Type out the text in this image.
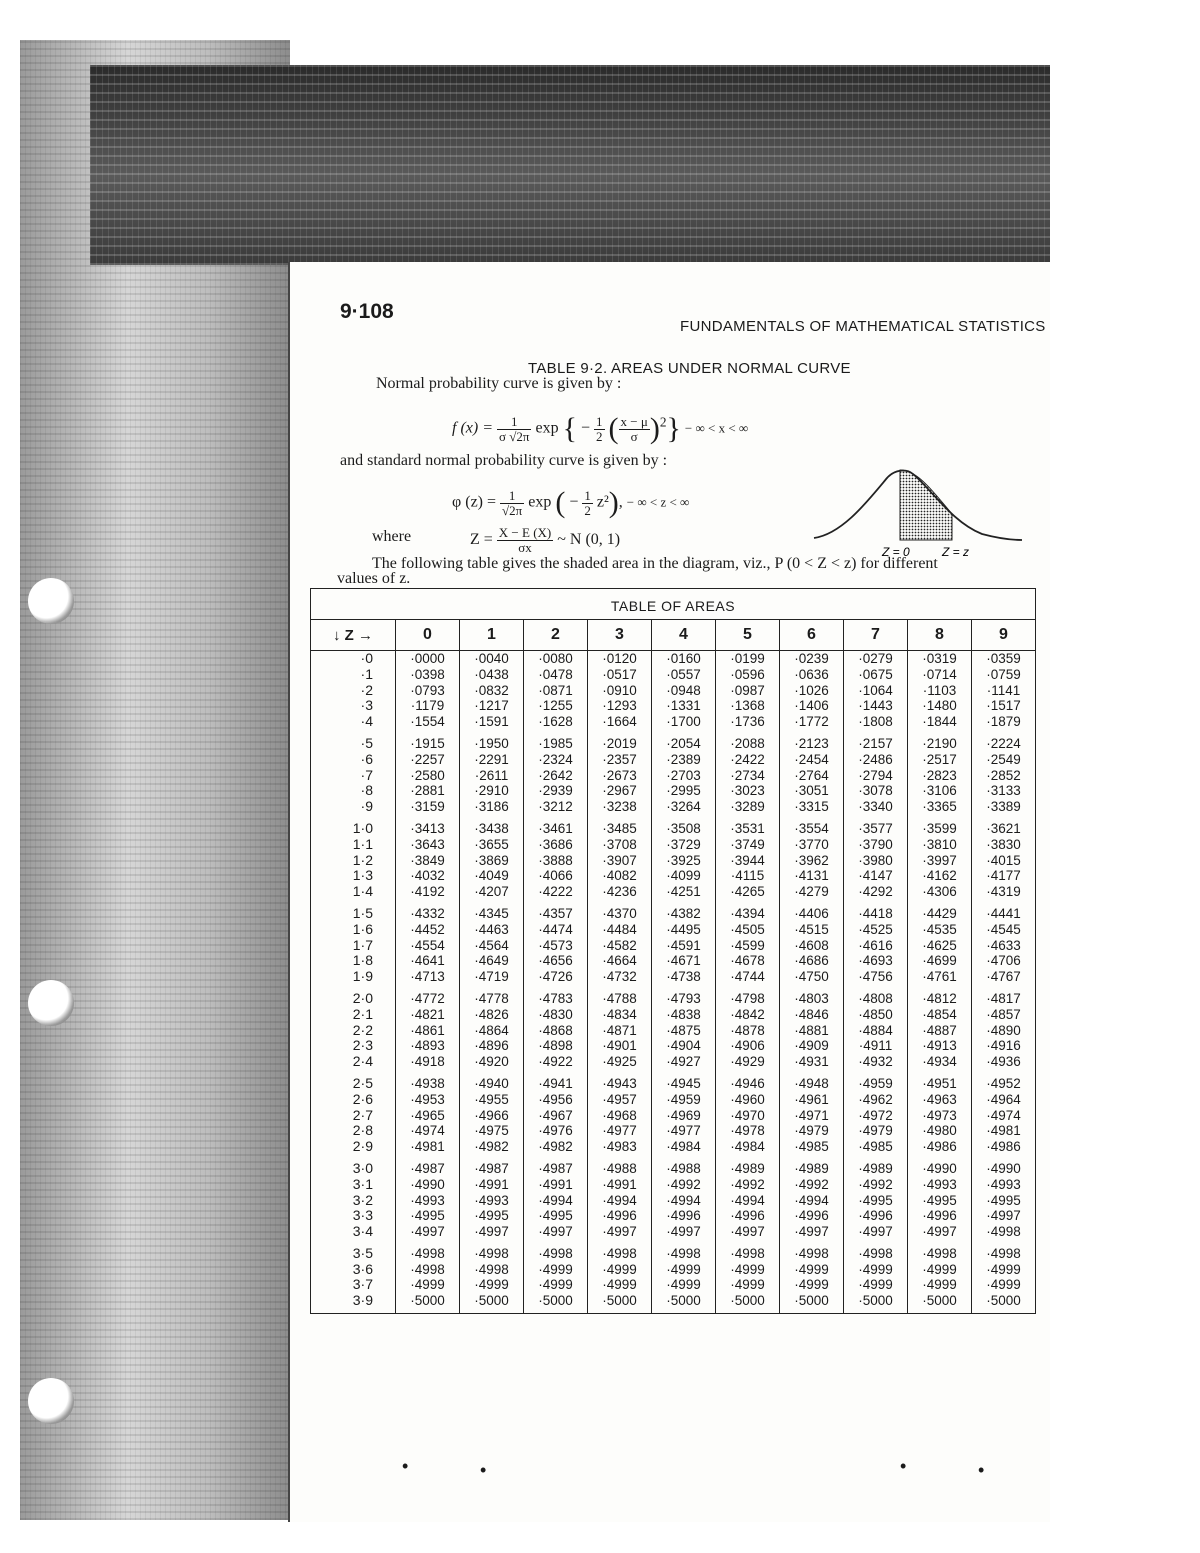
9·108
FUNDAMENTALS OF MATHEMATICAL STATISTICS
TABLE 9·2. AREAS UNDER NORMAL CURVE
Normal probability curve is given by :
f $(x) = \frac{1}{\sigma √2\pi}$ exp { − $\frac{1}{2}$ ( $\frac{x - \mu}{\sigma} )^2$} − ∞ < x < ∞
and standard normal probability curve is given by :
φ $(z) = \frac{1}{√2\pi}$ exp ( − $\frac{1}{2} z^2$), − ∞ < z < ∞
where	$Z = \frac{X - E (X)}{\sigma x}$ ~ N (0, 1)
Z = 0	Z = z
The following table gives the shaded area in the diagram, viz., P (0 < Z < z) for different
values of z.
TABLE OF AREAS
↓ Z →	0	1	2	3	4	5	6	7	8	9
·0	·0000	·0040	·0080	·0120	·0160	·0199	·0239	·0279	·0319	·0359
·1	·0398	·0438	·0478	·0517	·0557	·0596	·0636	·0675	·0714	·0759
·2	·0793	·0832	·0871	·0910	·0948	·0987	·1026	·1064	·1103	·1141
·3	·1179	·1217	·1255	·1293	·1331	·1368	·1406	·1443	·1480	·1517
·4	·1554	·1591	·1628	·1664	·1700	·1736	·1772	·1808	·1844	·1879
·5	·1915	·1950	·1985	·2019	·2054	·2088	·2123	·2157	·2190	·2224
·6	·2257	·2291	·2324	·2357	·2389	·2422	·2454	·2486	·2517	·2549
·7	·2580	·2611	·2642	·2673	·2703	·2734	·2764	·2794	·2823	·2852
·8	·2881	·2910	·2939	·2967	·2995	·3023	·3051	·3078	·3106	·3133
·9	·3159	·3186	·3212	·3238	·3264	·3289	·3315	·3340	·3365	·3389
1·0	·3413	·3438	·3461	·3485	·3508	·3531	·3554	·3577	·3599	·3621
1·1	·3643	·3655	·3686	·3708	·3729	·3749	·3770	·3790	·3810	·3830
1·2	·3849	·3869	·3888	·3907	·3925	·3944	·3962	·3980	·3997	·4015
1·3	·4032	·4049	·4066	·4082	·4099	·4115	·4131	·4147	·4162	·4177
1·4	·4192	·4207	·4222	·4236	·4251	·4265	·4279	·4292	·4306	·4319
1·5	·4332	·4345	·4357	·4370	·4382	·4394	·4406	·4418	·4429	·4441
1·6	·4452	·4463	·4474	·4484	·4495	·4505	·4515	·4525	·4535	·4545
1·7	·4554	·4564	·4573	·4582	·4591	·4599	·4608	·4616	·4625	·4633
1·8	·4641	·4649	·4656	·4664	·4671	·4678	·4686	·4693	·4699	·4706
1·9	·4713	·4719	·4726	·4732	·4738	·4744	·4750	·4756	·4761	·4767
2·0	·4772	·4778	·4783	·4788	·4793	·4798	·4803	·4808	·4812	·4817
2·1	·4821	·4826	·4830	·4834	·4838	·4842	·4846	·4850	·4854	·4857
2·2	·4861	·4864	·4868	·4871	·4875	·4878	·4881	·4884	·4887	·4890
2·3	·4893	·4896	·4898	·4901	·4904	·4906	·4909	·4911	·4913	·4916
2·4	·4918	·4920	·4922	·4925	·4927	·4929	·4931	·4932	·4934	·4936
2·5	·4938	·4940	·4941	·4943	·4945	·4946	·4948	·4959	·4951	·4952
2·6	·4953	·4955	·4956	·4957	·4959	·4960	·4961	·4962	·4963	·4964
2·7	·4965	·4966	·4967	·4968	·4969	·4970	·4971	·4972	·4973	·4974
2·8	·4974	·4975	·4976	·4977	·4977	·4978	·4979	·4979	·4980	·4981
2·9	·4981	·4982	·4982	·4983	·4984	·4984	·4985	·4985	·4986	·4986
3·0	·4987	·4987	·4987	·4988	·4988	·4989	·4989	·4989	·4990	·4990
3·1	·4990	·4991	·4991	·4991	·4992	·4992	·4992	·4992	·4993	·4993
3·2	·4993	·4993	·4994	·4994	·4994	·4994	·4994	·4995	·4995	·4995
3·3	·4995	·4995	·4995	·4996	·4996	·4996	·4996	·4996	·4996	·4997
3·4	·4997	·4997	·4997	·4997	·4997	·4997	·4997	·4997	·4997	·4998
3·5	·4998	·4998	·4998	·4998	·4998	·4998	·4998	·4998	·4998	·4998
3·6	·4998	·4998	·4999	·4999	·4999	·4999	·4999	·4999	·4999	·4999
3·7	·4999	·4999	·4999	·4999	·4999	·4999	·4999	·4999	·4999	·4999
3·9	·5000	·5000	·5000	·5000	·5000	·5000	·5000	·5000	·5000	·5000
•	•	•	•
